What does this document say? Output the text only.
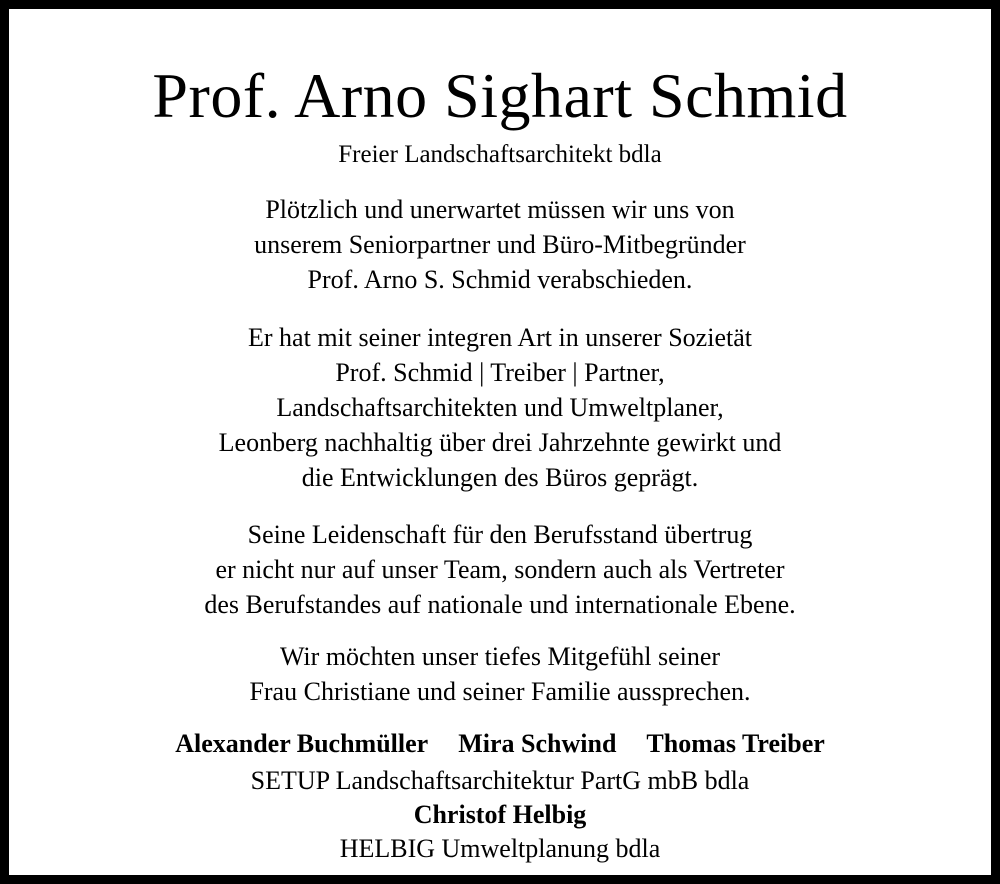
Prof. Arno Sighart Schmid
Freier Landschaftsarchitekt bdla
Plötzlich und unerwartet müssen wir uns von
unserem Seniorpartner und Büro-Mitbegründer
Prof. Arno S. Schmid verabschieden.
Er hat mit seiner integren Art in unserer Sozietät
Prof. Schmid | Treiber | Partner,
Landschaftsarchitekten und Umweltplaner,
Leonberg nachhaltig über drei Jahrzehnte gewirkt und
die Entwicklungen des Büros geprägt.
Seine Leidenschaft für den Berufsstand übertrug
er nicht nur auf unser Team, sondern auch als Vertreter
des Berufstandes auf nationale und internationale Ebene.
Wir möchten unser tiefes Mitgefühl seiner
Frau Christiane und seiner Familie aussprechen.
Alexander Buchmüller Mira Schwind Thomas Treiber
SETUP Landschaftsarchitektur PartG mbB bdla
Christof Helbig
HELBIG Umweltplanung bdla
